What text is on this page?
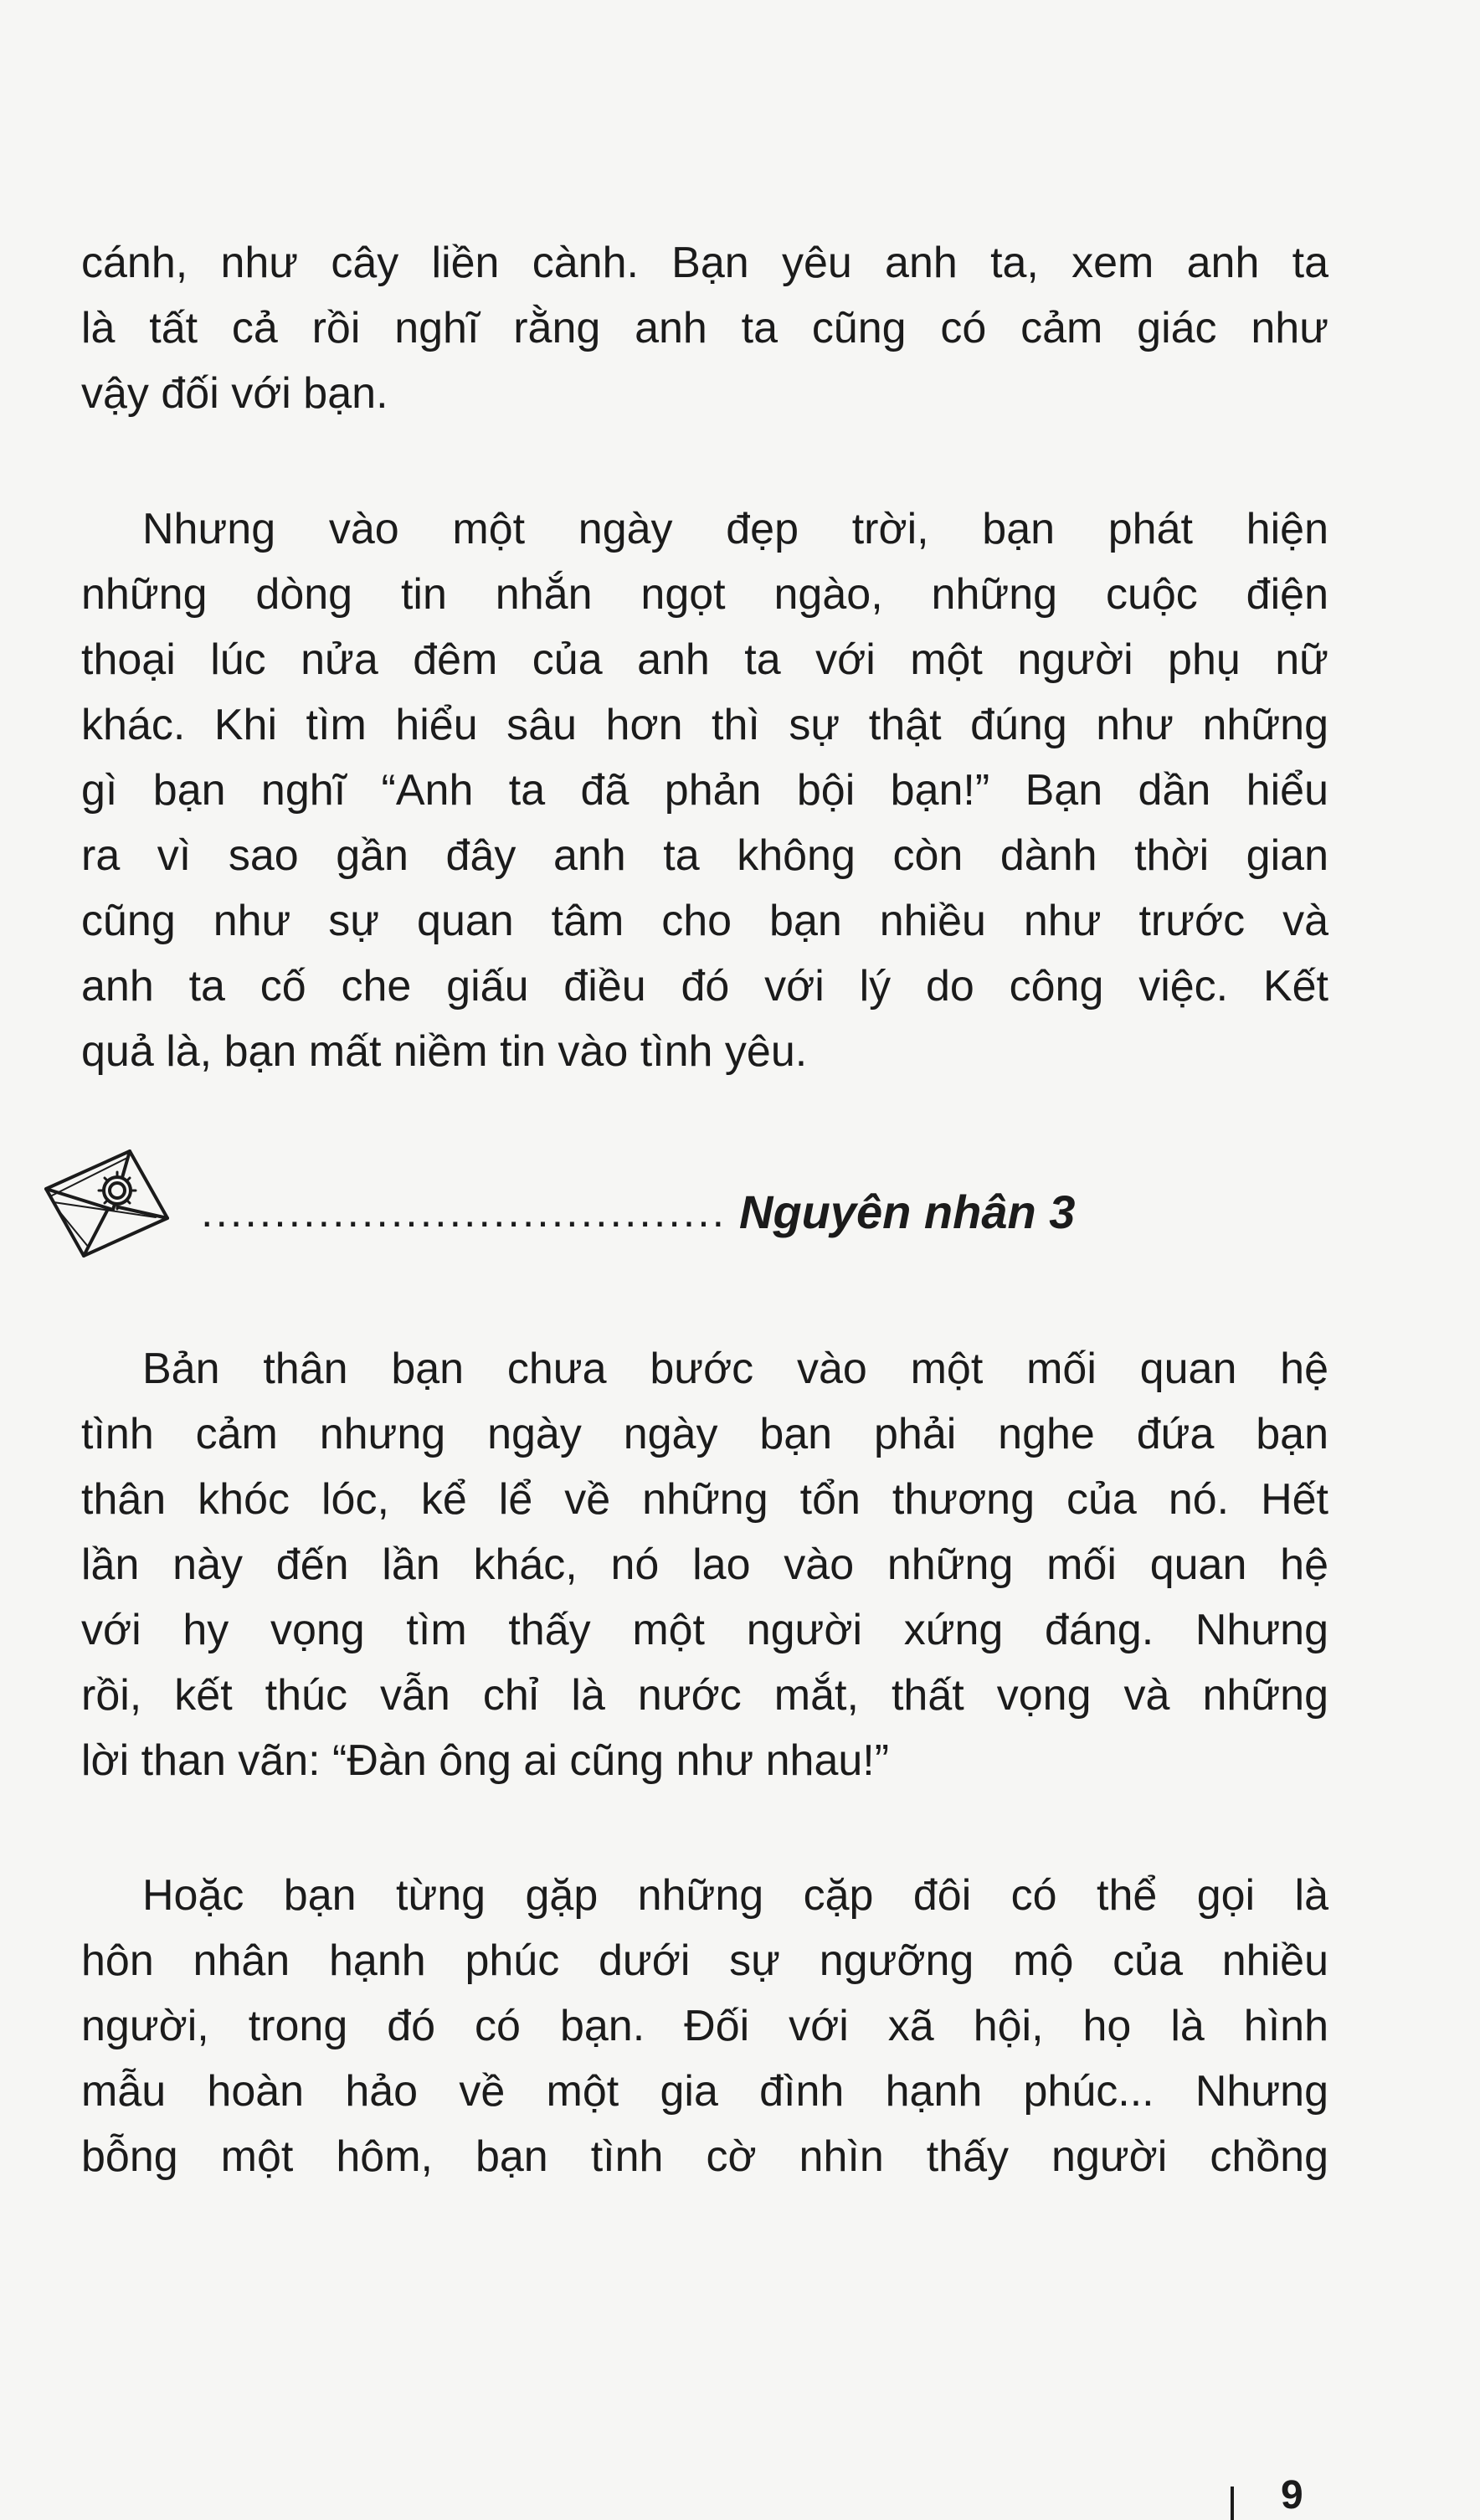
cánh, như cây liền cành. Bạn yêu anh ta, xem anh ta
là tất cả rồi nghĩ rằng anh ta cũng có cảm giác như
vậy đối với bạn.
Nhưng vào một ngày đẹp trời, bạn phát hiện
những dòng tin nhắn ngọt ngào, những cuộc điện
thoại lúc nửa đêm của anh ta với một người phụ nữ
khác. Khi tìm hiểu sâu hơn thì sự thật đúng như những
gì bạn nghĩ “Anh ta đã phản bội bạn!” Bạn dần hiểu
ra vì sao gần đây anh ta không còn dành thời gian
cũng như sự quan tâm cho bạn nhiều như trước và
anh ta cố che giấu điều đó với lý do công việc. Kết
quả là, bạn mất niềm tin vào tình yêu.
.................................... Nguyên nhân 3
Bản thân bạn chưa bước vào một mối quan hệ
tình cảm nhưng ngày ngày bạn phải nghe đứa bạn
thân khóc lóc, kể lể về những tổn thương của nó. Hết
lần này đến lần khác, nó lao vào những mối quan hệ
với hy vọng tìm thấy một người xứng đáng. Nhưng
rồi, kết thúc vẫn chỉ là nước mắt, thất vọng và những
lời than vãn: “Đàn ông ai cũng như nhau!”
Hoặc bạn từng gặp những cặp đôi có thể gọi là
hôn nhân hạnh phúc dưới sự ngưỡng mộ của nhiều
người, trong đó có bạn. Đối với xã hội, họ là hình
mẫu hoàn hảo về một gia đình hạnh phúc... Nhưng
bỗng một hôm, bạn tình cờ nhìn thấy người chồng
9
